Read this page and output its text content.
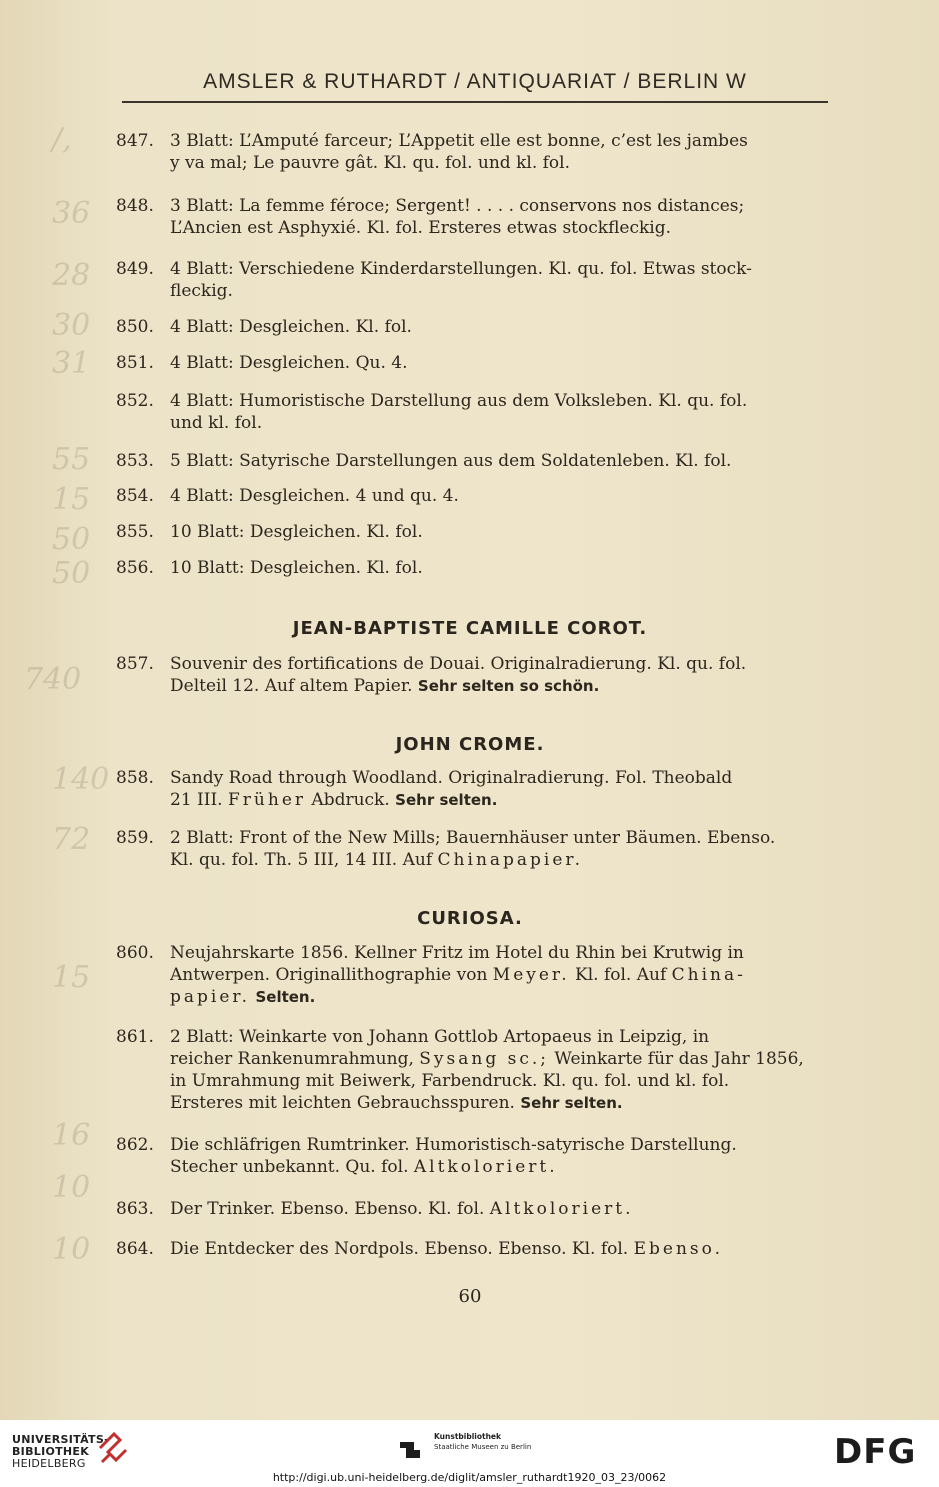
AMSLER & RUTHARDT / ANTIQUARIAT / BERLIN W
/,
36
28
30
31
55
15
50
50
740
140
72
15
16
10
10
847. 3 Blatt: L’Amputé farceur; L’Appetit elle est bonne, c’est les jambes
y va mal; Le pauvre gât. Kl. qu. fol. und kl. fol.
848. 3 Blatt: La femme féroce; Sergent! . . . . conservons nos distances;
L’Ancien est Asphyxié. Kl. fol. Ersteres etwas stockfleckig.
849. 4 Blatt: Verschiedene Kinderdarstellungen. Kl. qu. fol. Etwas stock-
fleckig.
850. 4 Blatt: Desgleichen. Kl. fol.
851. 4 Blatt: Desgleichen. Qu. 4.
852. 4 Blatt: Humoristische Darstellung aus dem Volksleben. Kl. qu. fol.
und kl. fol.
853. 5 Blatt: Satyrische Darstellungen aus dem Soldatenleben. Kl. fol.
854. 4 Blatt: Desgleichen. 4 und qu. 4.
855. 10 Blatt: Desgleichen. Kl. fol.
856. 10 Blatt: Desgleichen. Kl. fol.
JEAN-BAPTISTE CAMILLE COROT.
857. Souvenir des fortifications de Douai. Originalradierung. Kl. qu. fol.
Delteil 12. Auf altem Papier. Sehr selten so schön.
JOHN CROME.
858. Sandy Road through Woodland. Originalradierung. Fol. Theobald
21 III. Früher Abdruck. Sehr selten.
859. 2 Blatt: Front of the New Mills; Bauernhäuser unter Bäumen. Ebenso.
Kl. qu. fol. Th. 5 III, 14 III. Auf Chinapapier.
CURIOSA.
860. Neujahrskarte 1856. Kellner Fritz im Hotel du Rhin bei Krutwig in
Antwerpen. Originallithographie von Meyer. Kl. fol. Auf China-
papier. Selten.
861. 2 Blatt: Weinkarte von Johann Gottlob Artopaeus in Leipzig, in
reicher Rankenumrahmung, Sysang sc.; Weinkarte für das Jahr 1856,
in Umrahmung mit Beiwerk, Farbendruck. Kl. qu. fol. und kl. fol.
Ersteres mit leichten Gebrauchsspuren. Sehr selten.
862. Die schläfrigen Rumtrinker. Humoristisch-satyrische Darstellung.
Stecher unbekannt. Qu. fol. Altkoloriert.
863. Der Trinker. Ebenso. Ebenso. Kl. fol. Altkoloriert.
864. Die Entdecker des Nordpols. Ebenso. Ebenso. Kl. fol. Ebenso.
60
UNIVERSITÄTS-
BIBLIOTHEK
HEIDELBERG
Kunstbibliothek
Staatliche Museen zu Berlin	DFG
http://digi.ub.uni-heidelberg.de/diglit/amsler_ruthardt1920_03_23/0062
